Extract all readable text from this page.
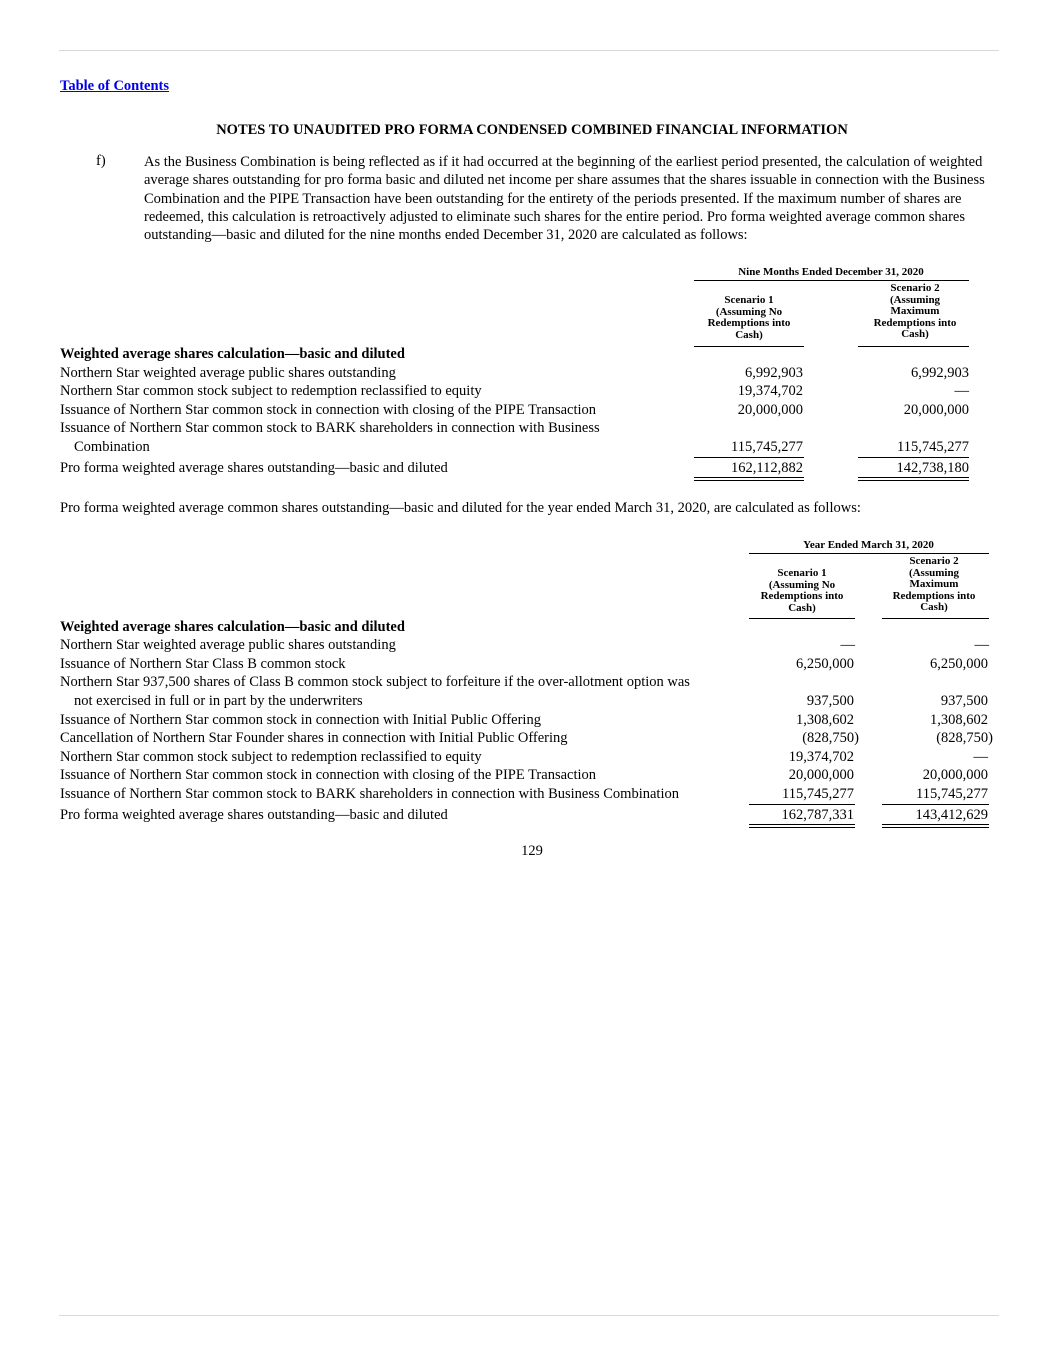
Table of Contents
NOTES TO UNAUDITED PRO FORMA CONDENSED COMBINED FINANCIAL INFORMATION
f)	As the Business Combination is being reflected as if it had occurred at the beginning of the earliest period presented, the calculation of weighted average shares outstanding for pro forma basic and diluted net income per share assumes that the shares issuable in connection with the Business Combination and the PIPE Transaction have been outstanding for the entirety of the periods presented. If the maximum number of shares are redeemed, this calculation is retroactively adjusted to eliminate such shares for the entire period. Pro forma weighted average common shares outstanding—basic and diluted for the nine months ended December 31, 2020 are calculated as follows:
Nine Months Ended December 31, 2020
Scenario 1 (Assuming No Redemptions into Cash)
Scenario 2 (Assuming Maximum Redemptions into Cash)
Weighted average shares calculation—basic and diluted
Northern Star weighted average public shares outstanding	6,992,903	6,992,903
Northern Star common stock subject to redemption reclassified to equity	19,374,702	—
Issuance of Northern Star common stock in connection with closing of the PIPE Transaction	20,000,000	20,000,000
Issuance of Northern Star common stock to BARK shareholders in connection with Business
Combination	115,745,277	115,745,277
Pro forma weighted average shares outstanding—basic and diluted	162,112,882	142,738,180
Pro forma weighted average common shares outstanding—basic and diluted for the year ended March 31, 2020, are calculated as follows:
Year Ended March 31, 2020
Scenario 1 (Assuming No Redemptions into Cash)
Scenario 2 (Assuming Maximum Redemptions into Cash)
Weighted average shares calculation—basic and diluted
Northern Star weighted average public shares outstanding	—	—
Issuance of Northern Star Class B common stock	6,250,000	6,250,000
Northern Star 937,500 shares of Class B common stock subject to forfeiture if the over-allotment option was
not exercised in full or in part by the underwriters	937,500	937,500
Issuance of Northern Star common stock in connection with Initial Public Offering	1,308,602	1,308,602
Cancellation of Northern Star Founder shares in connection with Initial Public Offering	(828,750)	(828,750)
Northern Star common stock subject to redemption reclassified to equity	19,374,702	—
Issuance of Northern Star common stock in connection with closing of the PIPE Transaction	20,000,000	20,000,000
Issuance of Northern Star common stock to BARK shareholders in connection with Business Combination	115,745,277	115,745,277
Pro forma weighted average shares outstanding—basic and diluted	162,787,331	143,412,629
129
